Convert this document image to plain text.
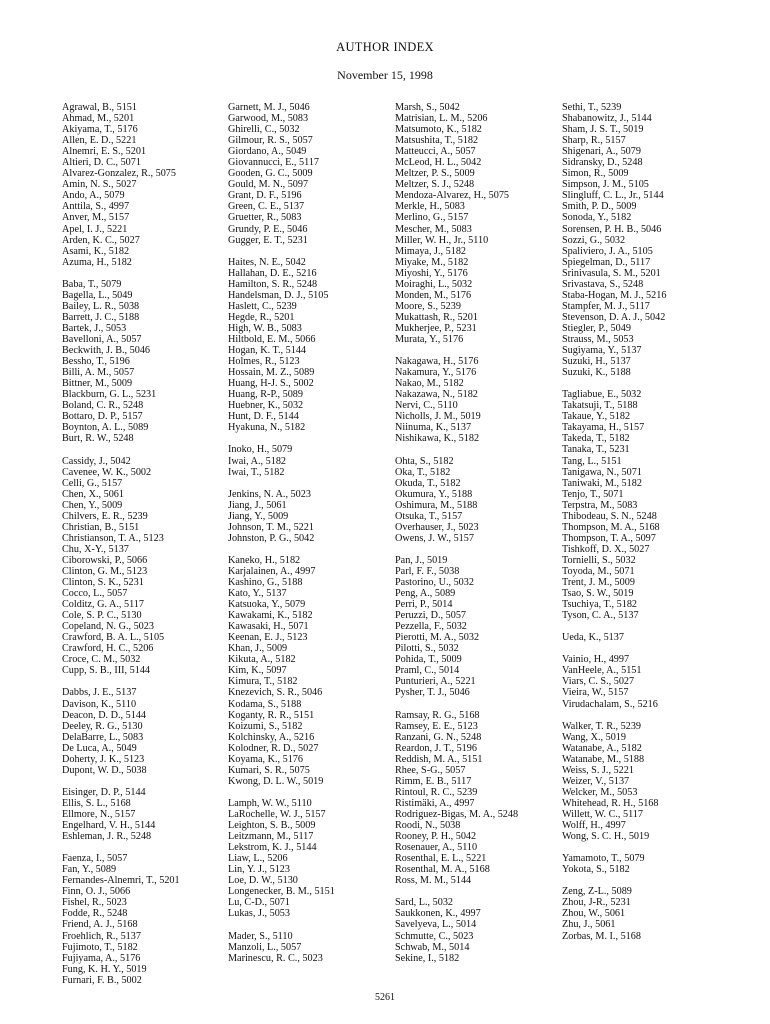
AUTHOR INDEX
November 15, 1998
Agrawal, B., 5151
Ahmad, M., 5201
Akiyama, T., 5176
Allen, E. D., 5221
Alnemri, E. S., 5201
Altieri, D. C., 5071
Alvarez-Gonzalez, R., 5075
Amin, N. S., 5027
Ando, A., 5079
Anttila, S., 4997
Anver, M., 5157
Apel, I. J., 5221
Arden, K. C., 5027
Asami, K., 5182
Azuma, H., 5182
Baba, T., 5079
Bagella, L., 5049
Bailey, L. R., 5038
Barrett, J. C., 5188
Bartek, J., 5053
Bavelloni, A., 5057
Beckwith, J. B., 5046
Bessho, T., 5196
Billi, A. M., 5057
Bittner, M., 5009
Blackburn, G. L., 5231
Boland, C. R., 5248
Bottaro, D. P., 5157
Boynton, A. L., 5089
Burt, R. W., 5248
Cassidy, J., 5042
Cavenee, W. K., 5002
Celli, G., 5157
Chen, X., 5061
Chen, Y., 5009
Chilvers, E. R., 5239
Christian, B., 5151
Christianson, T. A., 5123
Chu, X-Y., 5137
Ciborowski, P., 5066
Clinton, G. M., 5123
Clinton, S. K., 5231
Cocco, L., 5057
Colditz, G. A., 5117
Cole, S. P. C., 5130
Copeland, N. G., 5023
Crawford, B. A. L., 5105
Crawford, H. C., 5206
Croce, C. M., 5032
Cupp, S. B., III, 5144
Dabbs, J. E., 5137
Davison, K., 5110
Deacon, D. D., 5144
Deeley, R. G., 5130
DelaBarre, L., 5083
De Luca, A., 5049
Doherty, J. K., 5123
Dupont, W. D., 5038
Eisinger, D. P., 5144
Ellis, S. L., 5168
Ellmore, N., 5157
Engelhard, V. H., 5144
Eshleman, J. R., 5248
Faenza, I., 5057
Fan, Y., 5089
Fernandes-Alnemri, T., 5201
Finn, O. J., 5066
Fishel, R., 5023
Fodde, R., 5248
Friend, A. J., 5168
Froehlich, R., 5137
Fujimoto, T., 5182
Fujiyama, A., 5176
Fung, K. H. Y., 5019
Furnari, F. B., 5002
Garnett, M. J., 5046
Garwood, M., 5083
Ghirelli, C., 5032
Gilmour, R. S., 5057
Giordano, A., 5049
Giovannucci, E., 5117
Gooden, G. C., 5009
Gould, M. N., 5097
Grant, D. F., 5196
Green, C. E., 5137
Gruetter, R., 5083
Grundy, P. E., 5046
Gugger, E. T., 5231
Haites, N. E., 5042
Hallahan, D. E., 5216
Hamilton, S. R., 5248
Handelsman, D. J., 5105
Haslett, C., 5239
Hegde, R., 5201
High, W. B., 5083
Hiltbold, E. M., 5066
Hogan, K. T., 5144
Holmes, R., 5123
Hossain, M. Z., 5089
Huang, H-J. S., 5002
Huang, R-P., 5089
Huebner, K., 5032
Hunt, D. F., 5144
Hyakuna, N., 5182
Inoko, H., 5079
Iwai, A., 5182
Iwai, T., 5182
Jenkins, N. A., 5023
Jiang, J., 5061
Jiang, Y., 5009
Johnson, T. M., 5221
Johnston, P. G., 5042
Kaneko, H., 5182
Karjalainen, A., 4997
Kashino, G., 5188
Kato, Y., 5137
Katsuoka, Y., 5079
Kawakami, K., 5182
Kawasaki, H., 5071
Keenan, E. J., 5123
Khan, J., 5009
Kikuta, A., 5182
Kim, K., 5097
Kimura, T., 5182
Knezevich, S. R., 5046
Kodama, S., 5188
Koganty, R. R., 5151
Koizumi, S., 5182
Kolchinsky, A., 5216
Kolodner, R. D., 5027
Koyama, K., 5176
Kumari, S. R., 5075
Kwong, D. L. W., 5019
Lamph, W. W., 5110
LaRochelle, W. J., 5157
Leighton, S. B., 5009
Leitzmann, M., 5117
Lekstrom, K. J., 5144
Liaw, L., 5206
Lin, Y. J., 5123
Loe, D. W., 5130
Longenecker, B. M., 5151
Lu, C-D., 5071
Lukas, J., 5053
Mader, S., 5110
Manzoli, L., 5057
Marinescu, R. C., 5023
Marsh, S., 5042
Matrisian, L. M., 5206
Matsumoto, K., 5182
Matsushita, T., 5182
Matteucci, A., 5057
McLeod, H. L., 5042
Meltzer, P. S., 5009
Meltzer, S. J., 5248
Mendoza-Alvarez, H., 5075
Merkle, H., 5083
Merlino, G., 5157
Mescher, M., 5083
Miller, W. H., Jr., 5110
Mimaya, J., 5182
Miyake, M., 5182
Miyoshi, Y., 5176
Moiraghi, L., 5032
Monden, M., 5176
Moore, S., 5239
Mukattash, R., 5201
Mukherjee, P., 5231
Murata, Y., 5176
Nakagawa, H., 5176
Nakamura, Y., 5176
Nakao, M., 5182
Nakazawa, N., 5182
Nervi, C., 5110
Nicholls, J. M., 5019
Niinuma, K., 5137
Nishikawa, K., 5182
Ohta, S., 5182
Oka, T., 5182
Okuda, T., 5182
Okumura, Y., 5188
Oshimura, M., 5188
Otsuka, T., 5157
Overhauser, J., 5023
Owens, J. W., 5157
Pan, J., 5019
Parl, F. F., 5038
Pastorino, U., 5032
Peng, A., 5089
Perri, P., 5014
Peruzzi, D., 5057
Pezzella, F., 5032
Pierotti, M. A., 5032
Pilotti, S., 5032
Pohida, T., 5009
Praml, C., 5014
Punturieri, A., 5221
Pysher, T. J., 5046
Ramsay, R. G., 5168
Ramsey, E. E., 5123
Ranzani, G. N., 5248
Reardon, J. T., 5196
Reddish, M. A., 5151
Rhee, S-G., 5057
Rimm, E. B., 5117
Rintoul, R. C., 5239
Ristimäki, A., 4997
Rodriguez-Bigas, M. A., 5248
Roodi, N., 5038
Rooney, P. H., 5042
Rosenauer, A., 5110
Rosenthal, E. L., 5221
Rosenthal, M. A., 5168
Ross, M. M., 5144
Sard, L., 5032
Saukkonen, K., 4997
Savelyeva, L., 5014
Schmutte, C., 5023
Schwab, M., 5014
Sekine, I., 5182
Sethi, T., 5239
Shabanowitz, J., 5144
Sham, J. S. T., 5019
Sharp, R., 5157
Shigenari, A., 5079
Sidransky, D., 5248
Simon, R., 5009
Simpson, J. M., 5105
Slingluff, C. L., Jr., 5144
Smith, P. D., 5009
Sonoda, Y., 5182
Sorensen, P. H. B., 5046
Sozzi, G., 5032
Spaliviero, J. A., 5105
Spiegelman, D., 5117
Srinivasula, S. M., 5201
Srivastava, S., 5248
Staba-Hogan, M. J., 5216
Stampfer, M. J., 5117
Stevenson, D. A. J., 5042
Stiegler, P., 5049
Strauss, M., 5053
Sugiyama, Y., 5137
Suzuki, H., 5137
Suzuki, K., 5188
Tagliabue, E., 5032
Takatsuji, T., 5188
Takaue, Y., 5182
Takayama, H., 5157
Takeda, T., 5182
Tanaka, T., 5231
Tang, L., 5151
Tanigawa, N., 5071
Taniwaki, M., 5182
Tenjo, T., 5071
Terpstra, M., 5083
Thibodeau, S. N., 5248
Thompson, M. A., 5168
Thompson, T. A., 5097
Tishkoff, D. X., 5027
Tornielli, S., 5032
Toyoda, M., 5071
Trent, J. M., 5009
Tsao, S. W., 5019
Tsuchiya, T., 5182
Tyson, C. A., 5137
Ueda, K., 5137
Vainio, H., 4997
VanHeele, A., 5151
Viars, C. S., 5027
Vieira, W., 5157
Virudachalam, S., 5216
Walker, T. R., 5239
Wang, X., 5019
Watanabe, A., 5182
Watanabe, M., 5188
Weiss, S. J., 5221
Weizer, V., 5137
Welcker, M., 5053
Whitehead, R. H., 5168
Willett, W. C., 5117
Wolff, H., 4997
Wong, S. C. H., 5019
Yamamoto, T., 5079
Yokota, S., 5182
Zeng, Z-L., 5089
Zhou, J-R., 5231
Zhou, W., 5061
Zhu, J., 5061
Zorbas, M. I., 5168
5261
